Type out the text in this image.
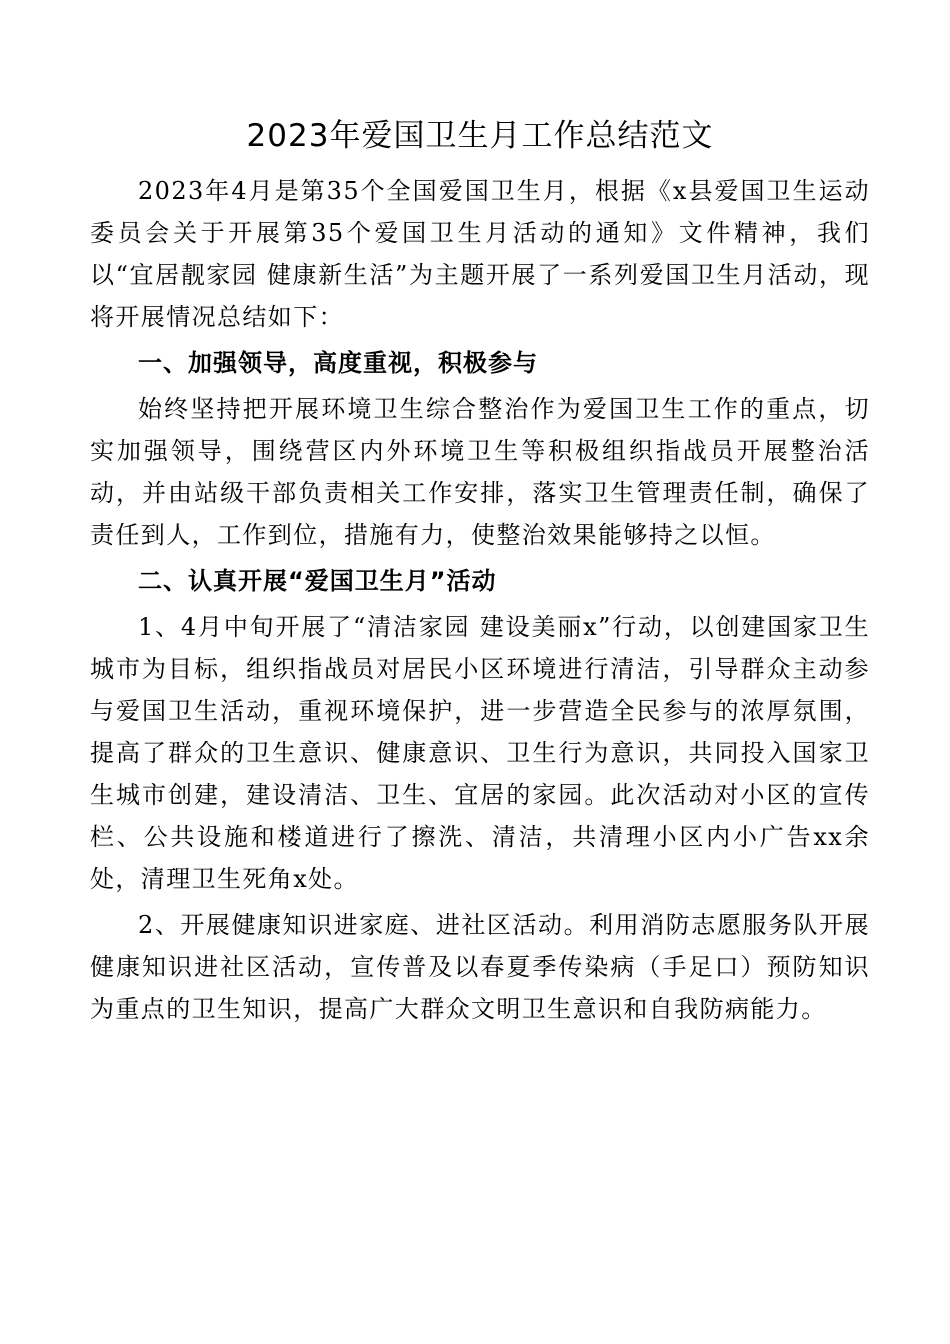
2023年爱国卫生月工作总结范文

2023年4月是第35个全国爱国卫生月，根据《x县爱国卫生运动委员会关于开展第35个爱国卫生月活动的通知》文件精神，我们以“宜居靓家园 健康新生活”为主题开展了一系列爱国卫生月活动，现将开展情况总结如下：

一、加强领导，高度重视，积极参与

始终坚持把开展环境卫生综合整治作为爱国卫生工作的重点，切实加强领导，围绕营区内外环境卫生等积极组织指战员开展整治活动，并由站级干部负责相关工作安排，落实卫生管理责任制，确保了责任到人，工作到位，措施有力，使整治效果能够持之以恒。

二、认真开展“爱国卫生月”活动

1、4月中旬开展了“清洁家园 建设美丽x”行动，以创建国家卫生城市为目标，组织指战员对居民小区环境进行清洁，引导群众主动参与爱国卫生活动，重视环境保护，进一步营造全民参与的浓厚氛围，提高了群众的卫生意识、健康意识、卫生行为意识，共同投入国家卫生城市创建，建设清洁、卫生、宜居的家园。此次活动对小区的宣传栏、公共设施和楼道进行了擦洗、清洁，共清理小区内小广告xx余处，清理卫生死角x处。

2、开展健康知识进家庭、进社区活动。利用消防志愿服务队开展健康知识进社区活动，宣传普及以春夏季传染病（手足口）预防知识为重点的卫生知识，提高广大群众文明卫生意识和自我防病能力。
